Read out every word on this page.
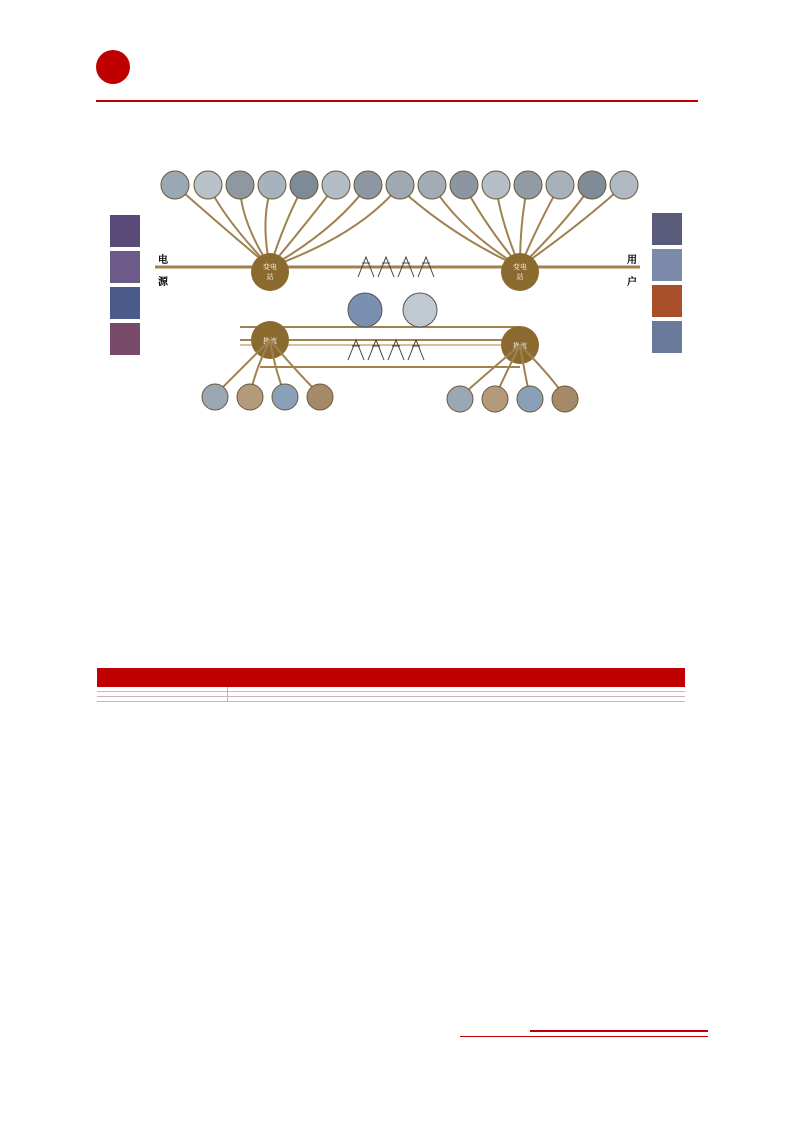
电
源
用
户
变电
站
变电
站
换流
换流
